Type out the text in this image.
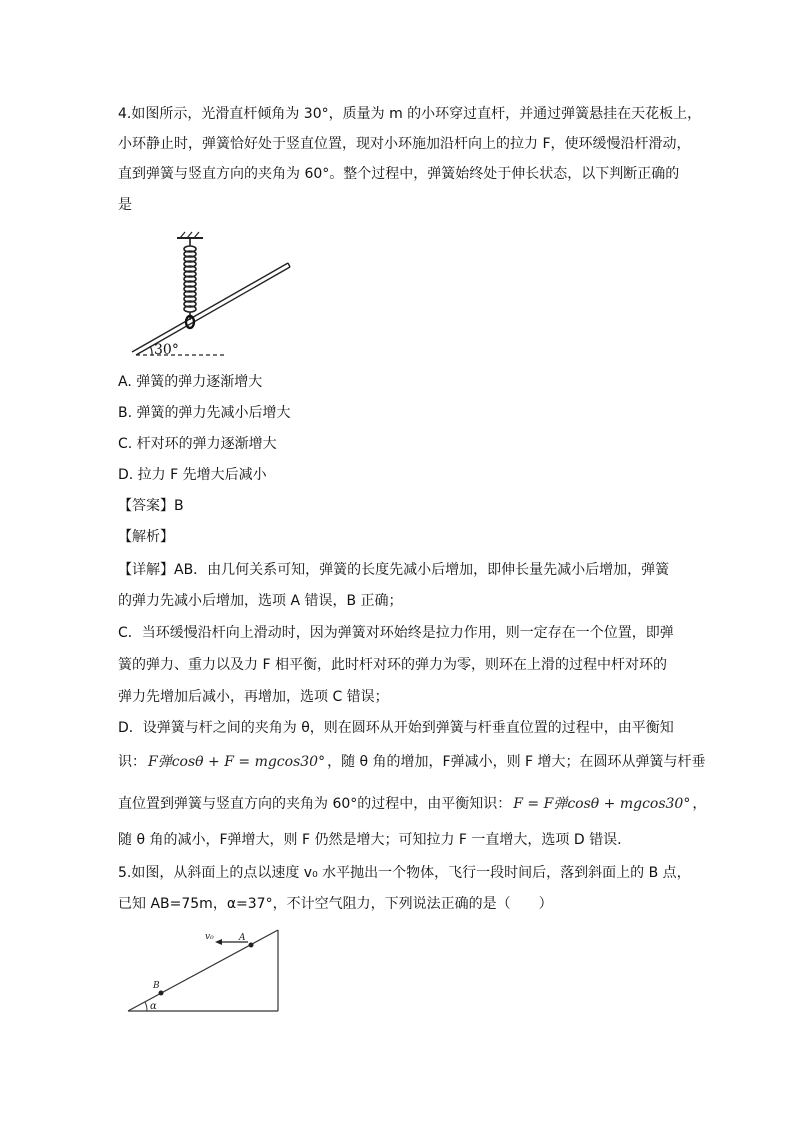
4.如图所示，光滑直杆倾角为 30°，质量为 m 的小环穿过直杆，并通过弹簧悬挂在天花板上，
小环静止时，弹簧恰好处于竖直位置，现对小环施加沿杆向上的拉力 F，使环缓慢沿杆滑动，
直到弹簧与竖直方向的夹角为 60°。整个过程中，弹簧始终处于伸长状态，以下判断正确的
是
30°
A. 弹簧的弹力逐渐增大
B. 弹簧的弹力先减小后增大
C. 杆对环的弹力逐渐增大
D. 拉力 F 先增大后减小
【答案】B
【解析】
【详解】AB．由几何关系可知，弹簧的长度先减小后增加，即伸长量先减小后增加，弹簧
的弹力先减小后增加，选项 A 错误，B 正确；
C．当环缓慢沿杆向上滑动时，因为弹簧对环始终是拉力作用，则一定存在一个位置，即弹
簧的弹力、重力以及力 F 相平衡，此时杆对环的弹力为零，则环在上滑的过程中杆对环的
弹力先增加后减小，再增加，选项 C 错误；
D．设弹簧与杆之间的夹角为 θ，则在圆环从开始到弹簧与杆垂直位置的过程中，由平衡知
识： F弹cosθ + F = mgcos30° ，随 θ 角的增加，F弹减小，则 F 增大；在圆环从弹簧与杆垂
直位置到弹簧与竖直方向的夹角为 60°的过程中，由平衡知识： F = F弹cosθ + mgcos30° ，
随 θ 角的减小，F弹增大，则 F 仍然是增大；可知拉力 F 一直增大，选项 D 错误.
5.如图，从斜面上的点以速度 v₀ 水平抛出一个物体，飞行一段时间后，落到斜面上的 B 点，
已知 AB=75m，α=37°，不计空气阻力，下列说法正确的是（　　）
A
v₀
B
α
